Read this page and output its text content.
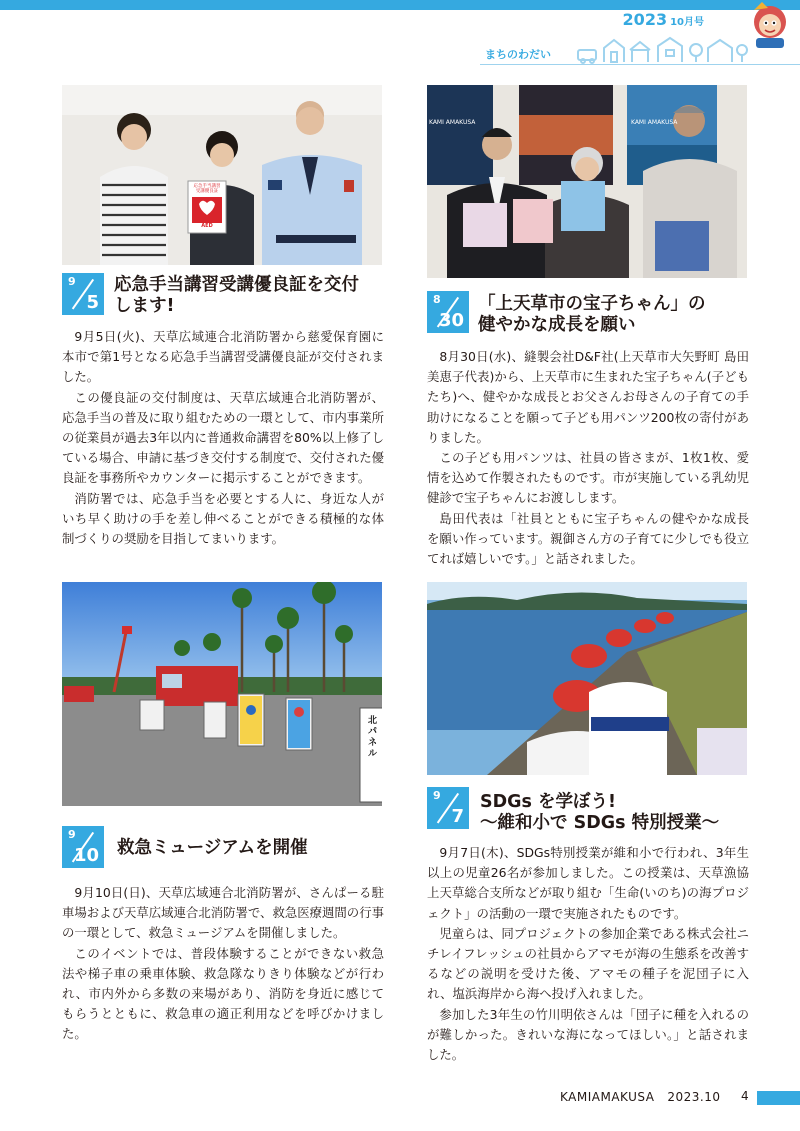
2023 10月号
まちのわだい
応急手当講習
受講優良証
AED
9
5
応急手当講習受講優良証を交付
します!

9月5日(火)、天草広域連合北消防署から慈愛保育園に本市で第1号となる応急手当講習受講優良証が交付されました。

この優良証の交付制度は、天草広域連合北消防署が、応急手当の普及に取り組むための一環として、市内事業所の従業員が過去3年以内に普通救命講習を80%以上修了している場合、申請に基づき交付する制度で、交付された優良証を事務所やカウンターに掲示することができます。

消防署では、応急手当を必要とする人に、身近な人がいち早く助けの手を差し伸べることができる積極的な体制づくりの奨励を目指してまいります。

KAMI AMAKUSA	KAMI AMAKUSA
8
30
「上天草市の宝子ちゃん」の
健やかな成長を願い

8月30日(水)、縫製会社D&F社(上天草市大矢野町 島田美恵子代表)から、上天草市に生まれた宝子ちゃん(子どもたち)へ、健やかな成長とお父さんお母さんの子育ての手助けになることを願って子ども用パンツ200枚の寄付がありました。

この子ども用パンツは、社員の皆さまが、1枚1枚、愛情を込めて作製されたものです。市が実施している乳幼児健診で宝子ちゃんにお渡しします。

島田代表は「社員とともに宝子ちゃんの健やかな成長を願い作っています。親御さん方の子育てに少しでも役立てれば嬉しいです。」と話されました。

北パネル
9
10 救急ミュージアムを開催

9月10日(日)、天草広域連合北消防署が、さんぱーる駐車場および天草広域連合北消防署で、救急医療週間の行事の一環として、救急ミュージアムを開催しました。

このイベントでは、普段体験することができない救急法や梯子車の乗車体験、救急隊なりきり体験などが行われ、市内外から多数の来場があり、消防を身近に感じてもらうとともに、救急車の適正利用などを呼びかけました。

9
7
SDGs を学ぼう!
～維和小で SDGs 特別授業～

9月7日(木)、SDGs特別授業が維和小で行われ、3年生以上の児童26名が参加しました。この授業は、天草漁協上天草総合支所などが取り組む「生命(いのち)の海プロジェクト」の活動の一環で実施されたものです。

児童らは、同プロジェクトの参加企業である株式会社ニチレイフレッシュの社員からアマモが海の生態系を改善するなどの説明を受けた後、アマモの種子を泥団子に入れ、塩浜海岸から海へ投げ入れました。

参加した3年生の竹川明依さんは「団子に種を入れるのが難しかった。きれいな海になってほしい。」と話されました。

KAMIAMAKUSA 2023.10 4
